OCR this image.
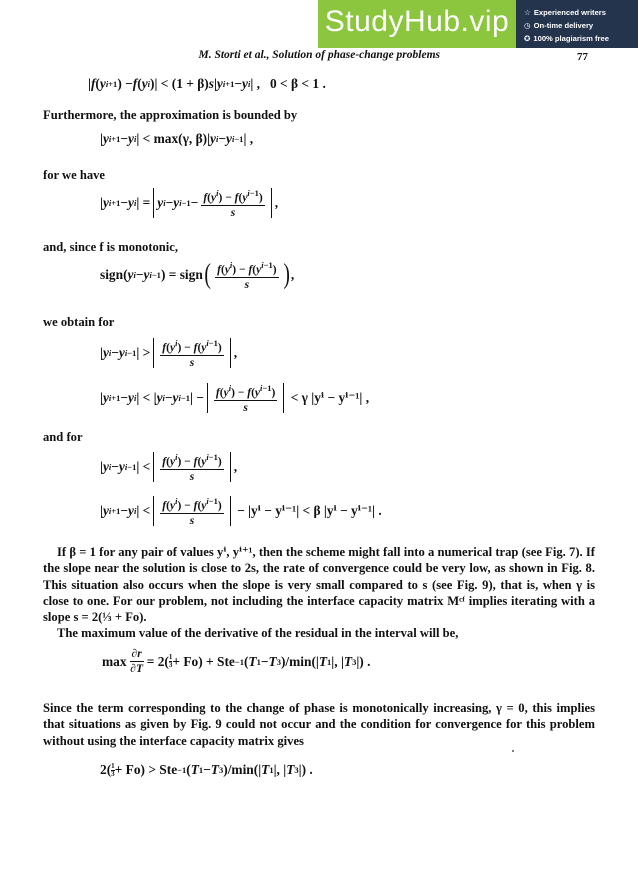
StudyHub.vip	☆ Experienced writers
◷ On-time delivery
✪ 100% plagiarism free
M. Storti et al., Solution of phase-change problems	77
| f ( y i+1 ) − f ( y i )| < (1 + β) s | y i+1 − y i | , 0 < β < 1 .
Furthermore, the approximation is bounded by
| y i+1 − y i | < max(γ, β)| y i − y i−1 | ,
for we have
| y i+1 − y i | = y i − y $i-1 - \frac{f(y^i) - f(y^{i-1})}{s}$ ,
and, since f is monotonic,
sign( y i − y i−1 ) = sign ( $\frac{f(y^i) - f(y^{i-1})}{s}$ ) ,
we obtain for
| y i − y i−1 | > $\frac{f(y^i) - f(y^{i-1})}{s}$ ,
| y i+1 − y i | < | y i − y i−1 | − $\frac{f(y^i) - f(y^{i-1})}{s}$
< γ |yⁱ − yⁱ⁻¹| ,
and for
| y i − y i−1 | < $\frac{f(y^i) - f(y^{i-1})}{s}$ ,
| y i+1 − y i | < $\frac{f(y^i) - f(y^{i-1})}{s}$
− |yⁱ − yⁱ⁻¹| < β |yⁱ − yⁱ⁻¹| .

If β = 1 for any pair of values yⁱ, yⁱ⁺¹, then the scheme might fall into a numerical trap (see Fig. 7). If the slope near the solution is close to 2s, the rate of convergence could be very low, as shown in Fig. 8. This situation also occurs when the slope is very small compared to s (see Fig. 9), that is, when γ is close to one. For our problem, not including the interface capacity matrix Mᶜᶠ implies iterating with a slope s = 2(⅓ + Fo).

The maximum value of the derivative of the residual in the interval will be,

$\max \frac{\partial r}{\partial T} = 2( \frac{1}{3} + Fo)$ + Ste −1 ( T 1 − T 3 )/min(| T 1 |, | T 3 |) .

Since the term corresponding to the change of phase is monotonically increasing, γ = 0, this implies that situations as given by Fig. 9 could not occur and the condition for convergence for this problem without using the interface capacity matrix gives

$2( \frac{1}{3} + Fo)$ > Ste −1 ( T 1 − T 3 )/min(| T 1 |, | T 3 |) .
